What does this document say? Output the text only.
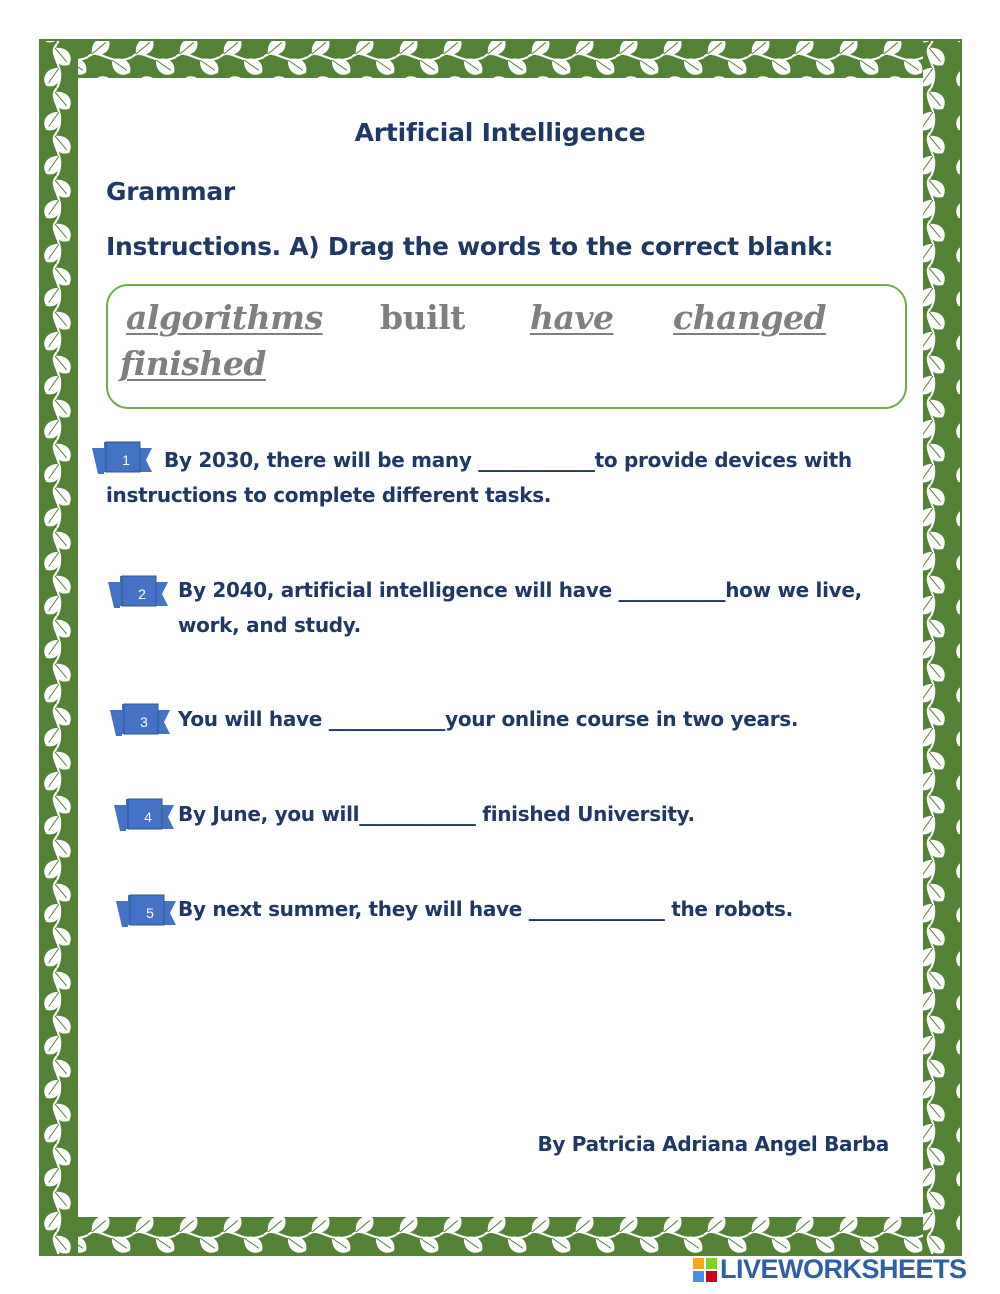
Artificial Intelligence
Grammar
Instructions. A) Drag the words to the correct blank:
algorithms built have changed
finished
1	By 2030, there will be many ____________to provide devices with
instructions to complete different tasks.
2	By 2040, artificial intelligence will have ___________how we live,
work, and study.
3	You will have ____________your online course in two years.
4	By June, you will____________ finished University.
5	By next summer, they will have ______________ the robots.
By Patricia Adriana Angel Barba
LIVEWORKSHEETS
